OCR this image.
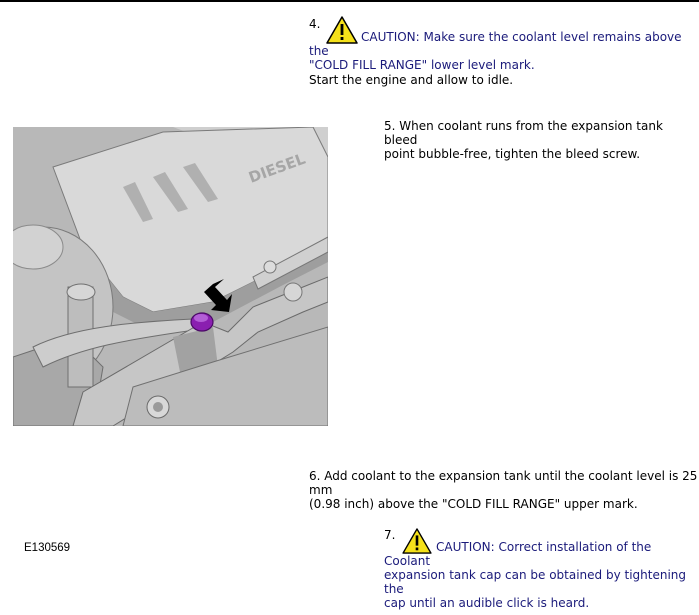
4.
CAUTION: Make sure the coolant level remains above the
"COLD FILL RANGE" lower level mark.
Start the engine and allow to idle.
DIESEL
E130569
5. When coolant runs from the expansion tank bleed
point bubble-free, tighten the bleed screw.
6. Add coolant to the expansion tank until the coolant level is 25 mm
(0.98 inch) above the "COLD FILL RANGE" upper mark.
7.
CAUTION: Correct installation of the Coolant
expansion tank cap can be obtained by tightening the
cap until an audible click is heard.
